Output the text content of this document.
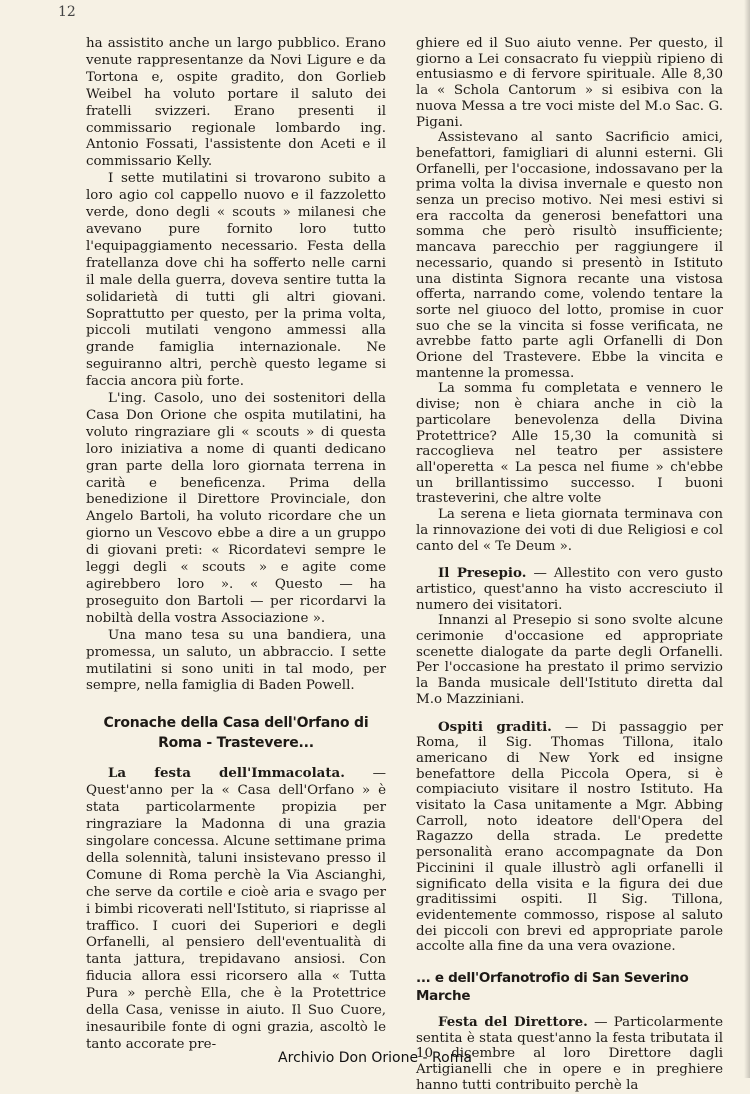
12

ha assistito anche un largo pubblico. Erano venute rappresentanze da Novi Ligure e da Tortona e, ospite gradito, don Gorlieb Weibel ha voluto portare il saluto dei fratelli svizzeri. Erano presenti il commissario regionale lombardo ing. Antonio Fossati, l'assistente don Aceti e il commissario Kelly.

I sette mutilatini si trovarono subito a loro agio col cappello nuovo e il fazzoletto verde, dono degli « scouts » milanesi che avevano pure fornito loro tutto l'equipaggiamento necessario. Festa della fratellanza dove chi ha sofferto nelle carni il male della guerra, doveva sentire tutta la solidarietà di tutti gli altri giovani. Soprattutto per questo, per la prima volta, piccoli mutilati vengono ammessi alla grande famiglia internazionale. Ne seguiranno altri, perchè questo legame si faccia ancora più forte.

L'ing. Casolo, uno dei sostenitori della Casa Don Orione che ospita mutilatini, ha voluto ringraziare gli « scouts » di questa loro iniziativa a nome di quanti dedicano gran parte della loro giornata terrena in carità e beneficenza. Prima della benedizione il Direttore Provinciale, don Angelo Bartoli, ha voluto ricordare che un giorno un Vescovo ebbe a dire a un gruppo di giovani preti: « Ricordatevi sempre le leggi degli « scouts » e agite come agirebbero loro ». « Questo — ha proseguito don Bartoli — per ricordarvi la nobiltà della vostra Associazione ».

Una mano tesa su una bandiera, una promessa, un saluto, un abbraccio. I sette mutilatini si sono uniti in tal modo, per sempre, nella famiglia di Baden Powell.

Cronache della Casa dell'Orfano di Roma - Trastevere...

La festa dell'Immacolata. — Quest'anno per la « Casa dell'Orfano » è stata particolarmente propizia per ringraziare la Madonna di una grazia singolare concessa. Alcune settimane prima della solennità, taluni insistevano presso il Comune di Roma perchè la Via Ascianghi, che serve da cortile e cioè aria e svago per i bimbi ricoverati nell'Istituto, si riaprisse al traffico. I cuori dei Superiori e degli Orfanelli, al pensiero dell'eventualità di tanta jattura, trepidavano ansiosi. Con fiducia allora essi ricorsero alla « Tutta Pura » perchè Ella, che è la Protettrice della Casa, venisse in aiuto. Il Suo Cuore, inesauribile fonte di ogni grazia, ascoltò le tanto accorate pre-

ghiere ed il Suo aiuto venne. Per questo, il giorno a Lei consacrato fu vieppiù ripieno di entusiasmo e di fervore spirituale. Alle 8,30 la « Schola Cantorum » si esibiva con la nuova Messa a tre voci miste del M.o Sac. G. Pigani.

Assistevano al santo Sacrificio amici, benefattori, famigliari di alunni esterni. Gli Orfanelli, per l'occasione, indossavano per la prima volta la divisa invernale e questo non senza un preciso motivo. Nei mesi estivi si era raccolta da generosi benefattori una somma che però risultò insufficiente; mancava parecchio per raggiungere il necessario, quando si presentò in Istituto una distinta Signora recante una vistosa offerta, narrando come, volendo tentare la sorte nel giuoco del lotto, promise in cuor suo che se la vincita si fosse verificata, ne avrebbe fatto parte agli Orfanelli di Don Orione del Trastevere. Ebbe la vincita e mantenne la promessa.

La somma fu completata e vennero le divise; non è chiara anche in ciò la particolare benevolenza della Divina Protettrice? Alle 15,30 la comunità si raccoglieva nel teatro per assistere all'operetta « La pesca nel fiume » ch'ebbe un brillantissimo successo. I buoni trasteverini, che altre volte

La serena e lieta giornata terminava con la rinnovazione dei voti di due Religiosi e col canto del « Te Deum ».

Il Presepio. — Allestito con vero gusto artistico, quest'anno ha visto accresciuto il numero dei visitatori.

Innanzi al Presepio si sono svolte alcune cerimonie d'occasione ed appropriate scenette dialogate da parte degli Orfanelli. Per l'occasione ha prestato il primo servizio la Banda musicale dell'Istituto diretta dal M.o Mazziniani.

Ospiti graditi. — Di passaggio per Roma, il Sig. Thomas Tillona, italo americano di New York ed insigne benefattore della Piccola Opera, si è compiaciuto visitare il nostro Istituto. Ha visitato la Casa unitamente a Mgr. Abbing Carroll, noto ideatore dell'Opera del Ragazzo della strada. Le predette personalità erano accompagnate da Don Piccinini il quale illustrò agli orfanelli il significato della visita e la figura dei due graditissimi ospiti. Il Sig. Tillona, evidentemente commosso, rispose al saluto dei piccoli con brevi ed appropriate parole accolte alla fine da una vera ovazione.

... e dell'Orfanotrofio di San Severino Marche

Festa del Direttore. — Particolarmente sentita è stata quest'anno la festa tributata il 10 dicembre al loro Direttore dagli Artigianelli che in opere e in preghiere hanno tutti contribuito perchè la

Archivio Don Orione - Roma
